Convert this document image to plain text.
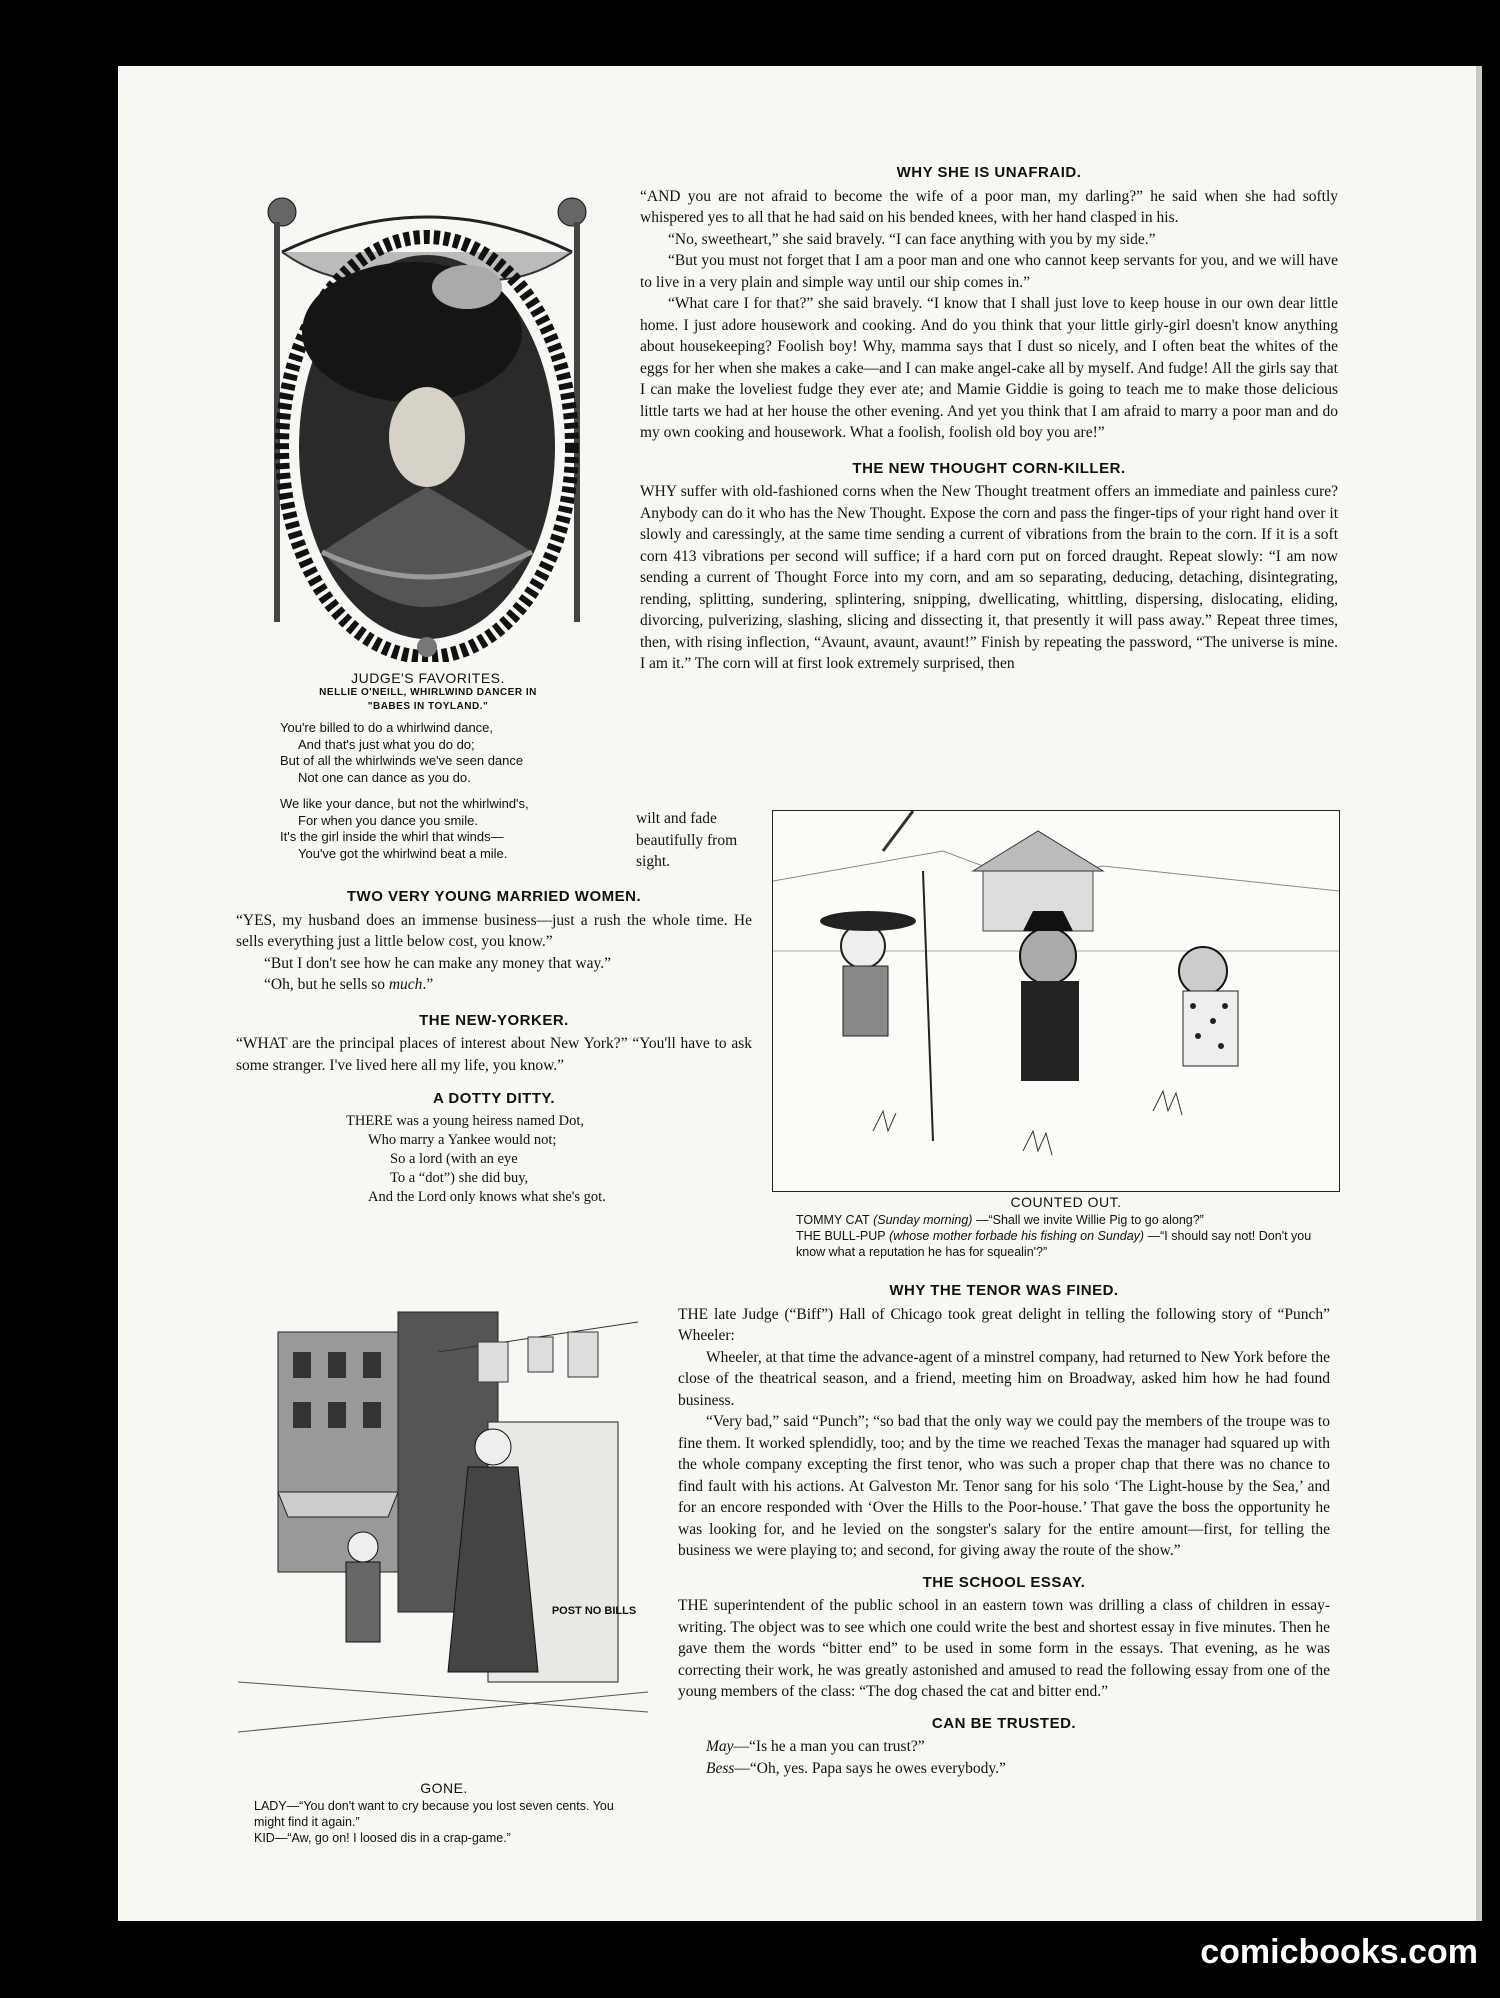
JUDGE'S FAVORITES.
NELLIE O'NEILL, WHIRLWIND DANCER IN
"BABES IN TOYLAND."
You're billed to do a whirlwind dance,
And that's just what you do do;
But of all the whirlwinds we've seen dance
Not one can dance as you do.
We like your dance, but not the whirlwind's,
For when you dance you smile.
It's the girl inside the whirl that winds—
You've got the whirlwind beat a mile.
WHY SHE IS UNAFRAID.

“AND you are not afraid to become the wife of a poor man, my darling?” he said when she had softly whispered yes to all that he had said on his bended knees, with her hand clasped in his.

“No, sweetheart,” she said bravely. “I can face anything with you by my side.”

“But you must not forget that I am a poor man and one who cannot keep servants for you, and we will have to live in a very plain and simple way until our ship comes in.”

“What care I for that?” she said bravely. “I know that I shall just love to keep house in our own dear little home. I just adore housework and cooking. And do you think that your little girly-girl doesn't know anything about housekeeping? Foolish boy! Why, mamma says that I dust so nicely, and I often beat the whites of the eggs for her when she makes a cake—and I can make angel-cake all by myself. And fudge! All the girls say that I can make the loveliest fudge they ever ate; and Mamie Giddie is going to teach me to make those delicious little tarts we had at her house the other evening. And yet you think that I am afraid to marry a poor man and do my own cooking and housework. What a foolish, foolish old boy you are!”

THE NEW THOUGHT CORN-KILLER.

WHY suffer with old-fashioned corns when the New Thought treatment offers an immediate and painless cure? Anybody can do it who has the New Thought. Expose the corn and pass the finger-tips of your right hand over it slowly and caressingly, at the same time sending a current of vibrations from the brain to the corn. If it is a soft corn 413 vibrations per second will suffice; if a hard corn put on forced draught. Repeat slowly: “I am now sending a current of Thought Force into my corn, and am so separating, deducing, detaching, disintegrating, rending, splitting, sundering, splintering, snipping, dwellicating, whittling, dispersing, dislocating, eliding, divorcing, pulverizing, slashing, slicing and dissecting it, that presently it will pass away.” Repeat three times, then, with rising inflection, “Avaunt, avaunt, avaunt!” Finish by repeating the password, “The universe is mine. I am it.” The corn will at first look extremely surprised, then

wilt and fade beautifully from sight.

COUNTED OUT.
TOMMY CAT (Sunday morning) —“Shall we invite Willie Pig to go along?”
THE BULL-PUP (whose mother forbade his fishing on Sunday) —“I should say not! Don't you know what a reputation he has for squealin'?”
TWO VERY YOUNG MARRIED WOMEN.

“YES, my husband does an immense business—just a rush the whole time. He sells everything just a little below cost, you know.”

“But I don't see how he can make any money that way.”

“Oh, but he sells so much.”

THE NEW-YORKER.

“WHAT are the principal places of interest about New York?” “You'll have to ask some stranger. I've lived here all my life, you know.”

A DOTTY DITTY.
THERE was a young heiress named Dot,
Who marry a Yankee would not;
So a lord (with an eye
To a “dot”) she did buy,
And the Lord only knows what she's got.
POST NO BILLS
GONE.
LADY—“You don't want to cry because you lost seven cents. You might find it again.”
KID—“Aw, go on! I loosed dis in a crap-game.”
WHY THE TENOR WAS FINED.

THE late Judge (“Biff”) Hall of Chicago took great delight in telling the following story of “Punch” Wheeler:

Wheeler, at that time the advance-agent of a minstrel company, had returned to New York before the close of the theatrical season, and a friend, meeting him on Broadway, asked him how he had found business.

“Very bad,” said “Punch”; “so bad that the only way we could pay the members of the troupe was to fine them. It worked splendidly, too; and by the time we reached Texas the manager had squared up with the whole company excepting the first tenor, who was such a proper chap that there was no chance to find fault with his actions. At Galveston Mr. Tenor sang for his solo ‘The Light-house by the Sea,’ and for an encore responded with ‘Over the Hills to the Poor-house.’ That gave the boss the opportunity he was looking for, and he levied on the songster's salary for the entire amount—first, for telling the business we were playing to; and second, for giving away the route of the show.”

THE SCHOOL ESSAY.

THE superintendent of the public school in an eastern town was drilling a class of children in essay-writing. The object was to see which one could write the best and shortest essay in five minutes. Then he gave them the words “bitter end” to be used in some form in the essays. That evening, as he was correcting their work, he was greatly astonished and amused to read the following essay from one of the young members of the class: “The dog chased the cat and bitter end.”

CAN BE TRUSTED.

May—“Is he a man you can trust?”

Bess—“Oh, yes. Papa says he owes everybody.”

comicbooks.com
